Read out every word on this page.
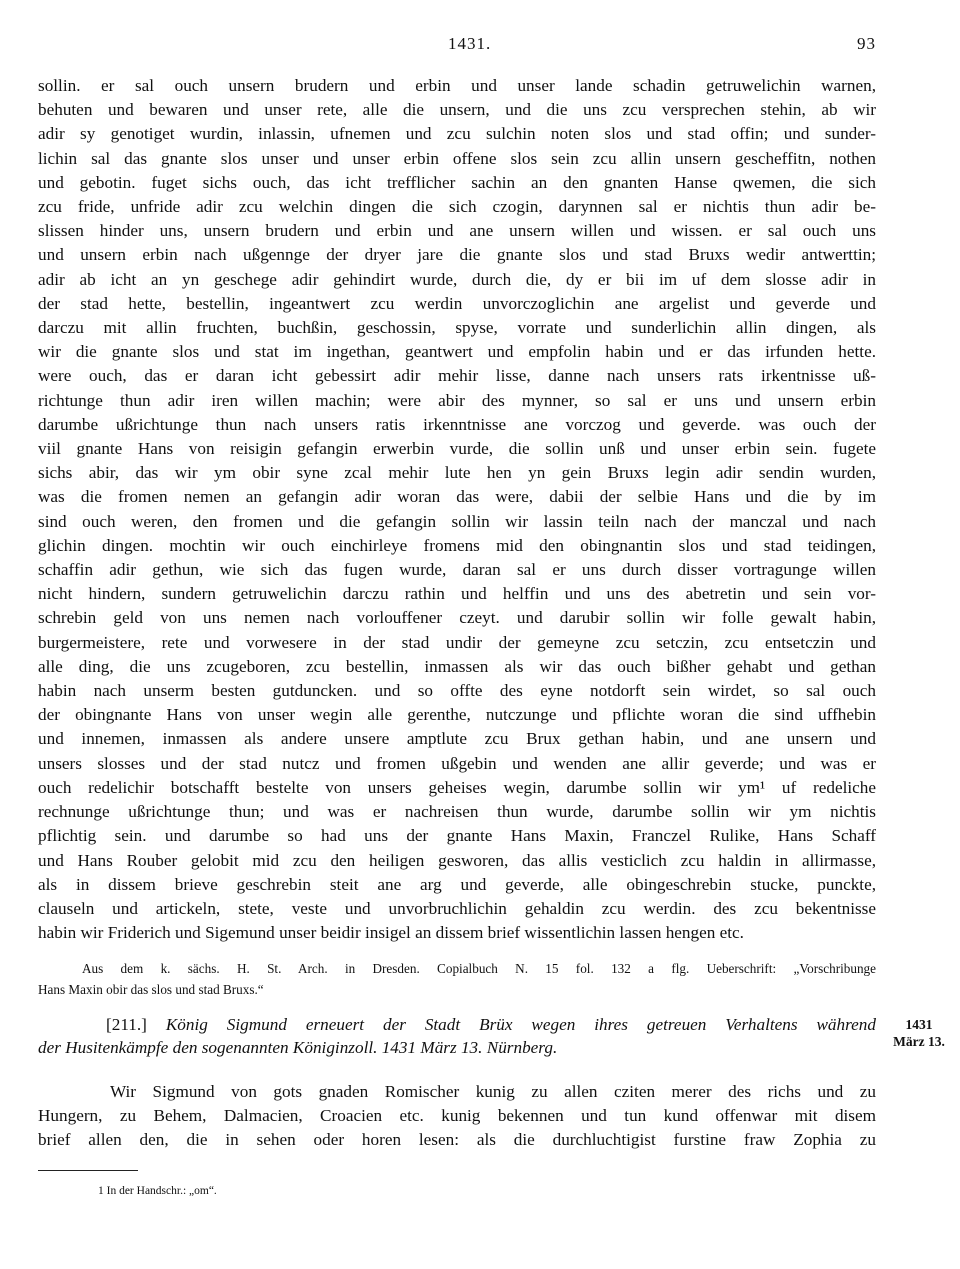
1431.	93
sollin. er sal ouch unsern brudern und erbin und unser lande schadin getruwelichin warnen,
behuten und bewaren und unser rete, alle die unsern, und die uns zcu versprechen stehin, ab wir
adir sy genotiget wurdin, inlassin, ufnemen und zcu sulchin noten slos und stad offin; und sunder-
lichin sal das gnante slos unser und unser erbin offene slos sein zcu allin unsern gescheffitn, nothen
und gebotin. fuget sichs ouch, das icht trefflicher sachin an den gnanten Hanse qwemen, die sich
zcu fride, unfride adir zcu welchin dingen die sich czogin, darynnen sal er nichtis thun adir be-
slissen hinder uns, unsern brudern und erbin und ane unsern willen und wissen. er sal ouch uns
und unsern erbin nach ußgennge der dryer jare die gnante slos und stad Bruxs wedir antwerttin;
adir ab icht an yn geschege adir gehindirt wurde, durch die, dy er bii im uf dem slosse adir in
der stad hette, bestellin, ingeantwert zcu werdin unvorczoglichin ane argelist und geverde und
darczu mit allin fruchten, buchßin, geschossin, spyse, vorrate und sunderlichin allin dingen, als
wir die gnante slos und stat im ingethan, geantwert und empfolin habin und er das irfunden hette.
were ouch, das er daran icht gebessirt adir mehir lisse, danne nach unsers rats irkentnisse uß-
richtunge thun adir iren willen machin; were abir des mynner, so sal er uns und unsern erbin
darumbe ußrichtunge thun nach unsers ratis irkenntnisse ane vorczog und geverde. was ouch der
viil gnante Hans von reisigin gefangin erwerbin vurde, die sollin unß und unser erbin sein. fugete
sichs abir, das wir ym obir syne zcal mehir lute hen yn gein Bruxs legin adir sendin wurden,
was die fromen nemen an gefangin adir woran das were, dabii der selbie Hans und die by im
sind ouch weren, den fromen und die gefangin sollin wir lassin teiln nach der manczal und nach
glichin dingen. mochtin wir ouch einchirleye fromens mid den obingnantin slos und stad teidingen,
schaffin adir gethun, wie sich das fugen wurde, daran sal er uns durch disser vortragunge willen
nicht hindern, sundern getruwelichin darczu rathin und helffin und uns des abetretin und sein vor-
schrebin geld von uns nemen nach vorlouffener czeyt. und darubir sollin wir folle gewalt habin,
burgermeistere, rete und vorwesere in der stad undir der gemeyne zcu setczin, zcu entsetczin und
alle ding, die uns zcugeboren, zcu bestellin, inmassen als wir das ouch bißher gehabt und gethan
habin nach unserm besten gutduncken. und so offte des eyne notdorft sein wirdet, so sal ouch
der obingnante Hans von unser wegin alle gerenthe, nutczunge und pflichte woran die sind uffhebin
und innemen, inmassen als andere unsere amptlute zcu Brux gethan habin, und ane unsern und
unsers slosses und der stad nutcz und fromen ußgebin und wenden ane allir geverde; und was er
ouch redelichir botschafft bestelte von unsers geheises wegin, darumbe sollin wir ym¹ uf redeliche
rechnunge ußrichtunge thun; und was er nachreisen thun wurde, darumbe sollin wir ym nichtis
pflichtig sein. und darumbe so had uns der gnante Hans Maxin, Franczel Rulike, Hans Schaff
und Hans Rouber gelobit mid zcu den heiligen gesworen, das allis vesticlich zcu haldin in allirmasse,
als in dissem brieve geschrebin steit ane arg und geverde, alle obingeschrebin stucke, punckte,
clauseln und artickeln, stete, veste und unvorbruchlichin gehaldin zcu werdin. des zcu bekentnisse
habin wir Friderich und Sigemund unser beidir insigel an dissem brief wissentlichin lassen hengen etc.
Aus dem k. sächs. H. St. Arch. in Dresden. Copialbuch N. 15 fol. 132 a flg. Ueberschrift: „Vorschribunge
Hans Maxin obir das slos und stad Bruxs.“
[211.] König Sigmund erneuert der Stadt Brüx wegen ihres getreuen Verhaltens während
der Husitenkämpfe den sogenannten Königinzoll. 1431 März 13. Nürnberg.
1431
März 13.
Wir Sigmund von gots gnaden Romischer kunig zu allen cziten merer des richs und zu
Hungern, zu Behem, Dalmacien, Croacien etc. kunig bekennen und tun kund offenwar mit disem
brief allen den, die in sehen oder horen lesen: als die durchluchtigist furstine fraw Zophia zu
1 In der Handschr.: „om“.
